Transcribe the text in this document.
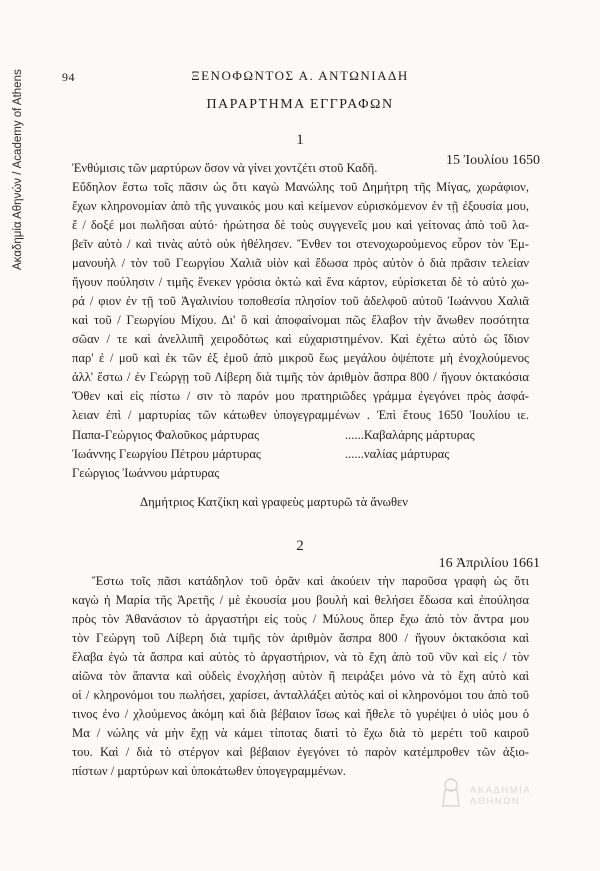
Ακαδημία Αθηνών / Academy of Athens	94	ΞΕΝΟΦΩΝΤΟΣ Α. ΑΝΤΩΝΙΑΔΗ
ΠΑΡΑΡΤΗΜΑ ΕΓΓΡΑΦΩΝ
1
15 Ἰουλίου 1650
Ἐνθύμισις τῶν μαρτύρων ὅσον νὰ γίνει χοντζέτι στοῦ Καδῆ.
Εὔδηλον ἔστω τοῖς πᾶσιν ὡς ὅτι καγὼ Μανώλης τοῦ Δημήτρη τῆς Μίγας, χωράφιον,
ἔχων κληρονομίαν ἀπὸ τῆς γυναικός μου καὶ κείμενον εὑρισκόμενον ἐν τῇ ἐξουσία μου,
ἔ / δοξέ μοι πωλῆσαι αὐτό· ἠρώτησα δὲ τοὺς συγγενεῖς μου καὶ γείτονας ἀπὸ τοῦ λα-
βεῖν αὐτὸ / καὶ τινὰς αὐτὸ οὐκ ἠθέλησεν. Ἔνθεν τοι στενοχωρούμενος εὗρον τὸν Ἐμ-
μανουὴλ / τὸν τοῦ Γεωργίου Χαλιᾶ υἱὸν καὶ ἔδωσα πρὸς αὐτὸν ὁ διὰ πρᾶσιν τελείαν
ἤγουν πούλησιν / τιμῆς ἕνεκεν γρόσια ὀκτὼ καὶ ἕνα κάρτον, εὑρίσκεται δὲ τὸ αὐτὸ χω-
ρά / φιον ἐν τῇ τοῦ Ἀγαλινίου τοποθεσία πλησίον τοῦ ἀδελφοῦ αὐτοῦ Ἰωάννου Χαλιᾶ
καὶ τοῦ / Γεωργίου Μίχου. Δι' ὃ καὶ ἀποφαίνομαι πῶς ἔλαβον τὴν ἄνωθεν ποσότητα
σῶαν / τε καὶ ἀνελλιπῆ χειροδότως καὶ εὐχαριστημένον. Καὶ ἐχέτω αὐτὸ ὡς ἴδιον
παρ' ἐ / μοῦ καὶ ἐκ τῶν ἐξ ἐμοῦ ἀπὸ μικροῦ ἕως μεγάλου ὀψέποτε μὴ ἐνοχλούμενος
ἀλλ' ἔστω / ἐν Γεώργῃ τοῦ Λίβερη διὰ τιμῆς τὸν ἀριθμὸν ἄσπρα 800 / ἤγουν ὀκτακόσια
Ὅθεν καὶ εἰς πίστω / σιν τὸ παρόν μου πρατηριῶδες γράμμα ἐγεγόνει πρὸς ἀσφά-
λειαν ἐπὶ / μαρτυρίας τῶν κάτωθεν ὑπογεγραμμένων . Ἐπὶ ἔτους 1650 Ἰουλίου ιε.
Παπα-Γεώργιος Φαλοῦκος μάρτυρας
Ἰωάννης Γεωργίου Πέτρου μάρτυρας
Γεώργιος Ἰωάννου μάρτυρας
......Καβαλάρης μάρτυρας
......ναλίας μάρτυρας
Δημήτριος Κατζίκη καὶ γραφεὺς μαρτυρῶ τὰ ἄνωθεν
2
16 Ἀπριλίου 1661
Ἔστω τοῖς πᾶσι κατάδηλον τοῦ ὁρᾶν καὶ ἀκούειν τὴν παροῦσα γραφὴ ὡς ὅτι
καγὼ ἡ Μαρία τῆς Ἀρετῆς / μὲ ἐκουσία μου βουλὴ καὶ θελήσει ἔδωσα καὶ ἐπούλησα
πρὸς τὸν Ἀθανάσιον τὸ ἀργαστήρι εἰς τοὺς / Μύλους ὅπερ ἔχω ἀπὸ τὸν ἄντρα μου
τὸν Γεώργη τοῦ Λίβερη διὰ τιμῆς τὸν ἀριθμὸν ἄσπρα 800 / ἤγουν ὀκτακόσια καὶ
ἔλαβα ἐγὼ τὰ ἄσπρα καὶ αὐτὸς τὸ ἀργαστήριον, νὰ τὸ ἔχη ἀπὸ τοῦ νῦν καὶ εἰς / τὸν
αἰῶνα τὸν ἅπαντα καὶ οὐδεὶς ἐνοχλήσῃ αὐτὸν ἢ πειράξει μόνο νὰ τὸ ἔχη αὐτὸ καὶ
οἱ / κληρονόμοι του πωλήσει, χαρίσει, ἀνταλλάξει αὐτὸς καὶ οἱ κληρονόμοι του ἀπὸ τοῦ
τινος ἐνο / χλούμενος ἀκόμη καὶ διὰ βέβαιον ἴσως καὶ ἤθελε τὸ γυρέψει ὁ υἱός μου ὁ
Μα / νώλης νὰ μὴν ἔχῃ νὰ κάμει τίποτας διατὶ τὸ ἔχω διὰ τὸ μερέτι τοῦ καιροῦ
του. Καὶ / διὰ τὸ στέργον καὶ βέβαιον ἐγεγόνει τὸ παρὸν κατέμπροθεν τῶν ἀξιο-
πίστων / μαρτύρων καὶ ὑποκάτωθεν ὑπογεγραμμένων.
ΑΚΑΔΗΜΙΑ ΑΘΗΝΩΝ
